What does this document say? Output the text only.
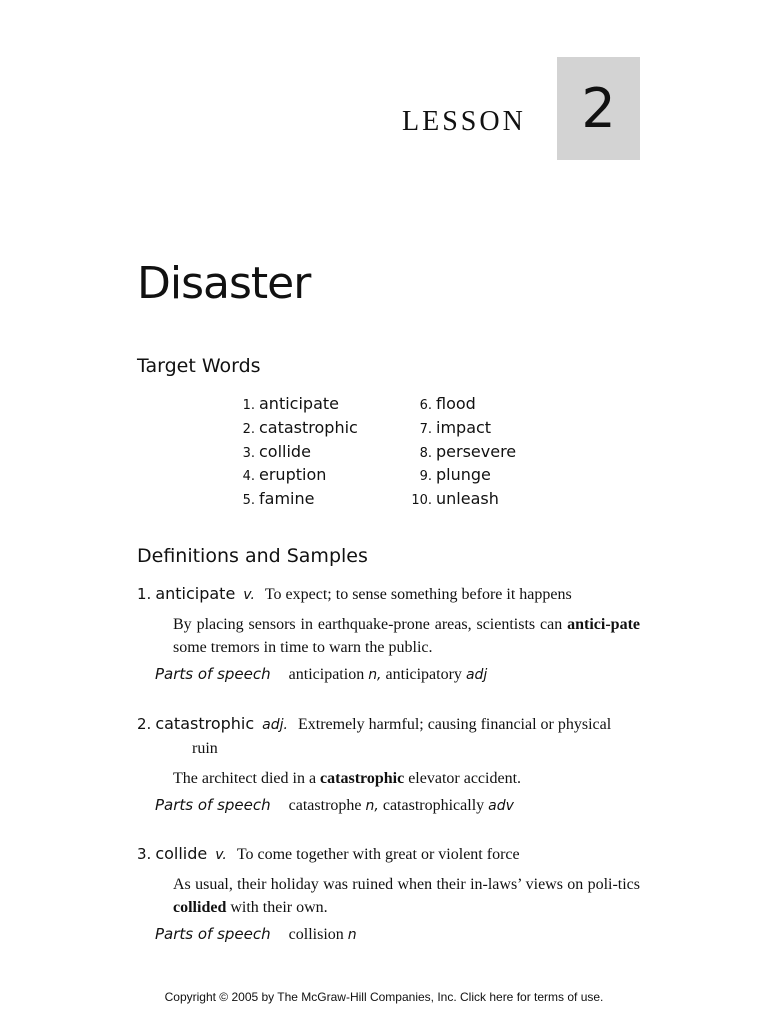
LESSON	2
Disaster
Target Words
1. anticipate
2. catastrophic
3. collide
4. eruption
5. famine
6. flood
7. impact
8. persevere
9. plunge
10. unleash
Definitions and Samples
1. anticipate v. To expect; to sense something before it happens
By placing sensors in earthquake-prone areas, scientists can antici-pate some tremors in time to warn the public.
Parts of speech anticipation n, anticipatory adj
2. catastrophic adj. Extremely harmful; causing financial or physical ruin
The architect died in a catastrophic elevator accident.
Parts of speech catastrophe n, catastrophically adv
3. collide v. To come together with great or violent force
As usual, their holiday was ruined when their in-laws’ views on poli-tics collided with their own.
Parts of speech collision n
Copyright © 2005 by The McGraw-Hill Companies, Inc. Click here for terms of use.
